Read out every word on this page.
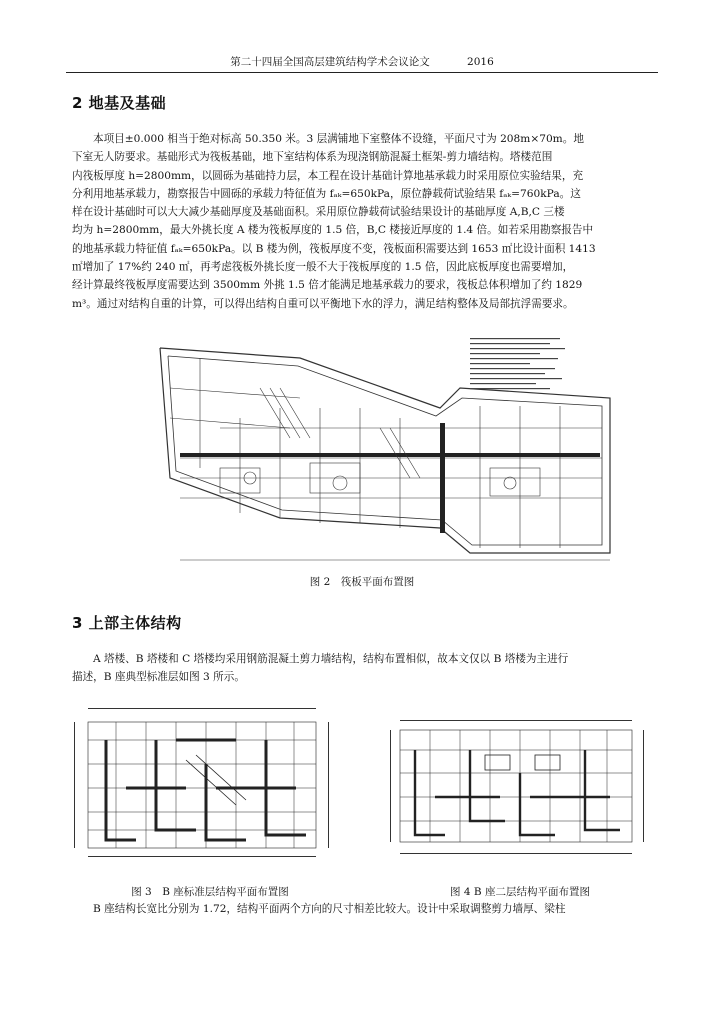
第二十四届全国高层建筑结构学术会议论文	2016
2 地基及基础
本项目±0.000 相当于绝对标高 50.350 米。3 层满铺地下室整体不设缝，平面尺寸为 208m×70m。地
下室无人防要求。基础形式为筏板基础，地下室结构体系为现浇钢筋混凝土框架-剪力墙结构。塔楼范围
内筏板厚度 h=2800mm，以圆砾为基础持力层，本工程在设计基础计算地基承载力时采用原位实验结果，充
分利用地基承载力，勘察报告中圆砾的承载力特征值为 fₐₖ=650kPa，原位静载荷试验结果 fₐₖ=760kPa。这
样在设计基础时可以大大减少基础厚度及基础面积。采用原位静载荷试验结果设计的基础厚度 A,B,C 三楼
均为 h=2800mm，最大外挑长度 A 楼为筏板厚度的 1.5 倍，B,C 楼接近厚度的 1.4 倍。如若采用勘察报告中
的地基承载力特征值 fₐₖ=650kPa。以 B 楼为例，筏板厚度不变，筏板面积需要达到 1653 ㎡比设计面积 1413
㎡增加了 17%约 240 ㎡，再考虑筏板外挑长度一般不大于筏板厚度的 1.5 倍，因此底板厚度也需要增加，
经计算最终筏板厚度需要达到 3500mm 外挑 1.5 倍才能满足地基承载力的要求，筏板总体积增加了约 1829
m³。通过对结构自重的计算，可以得出结构自重可以平衡地下水的浮力，满足结构整体及局部抗浮需要求。
图 2　筏板平面布置图
3 上部主体结构
A 塔楼、B 塔楼和 C 塔楼均采用钢筋混凝土剪力墙结构，结构布置相似，故本文仅以 B 塔楼为主进行
描述，B 座典型标准层如图 3 所示。
图 3　B 座标准层结构平面布置图	图 4 B 座二层结构平面布置图
B 座结构长宽比分别为 1.72，结构平面两个方向的尺寸相差比较大。设计中采取调整剪力墙厚、梁柱
